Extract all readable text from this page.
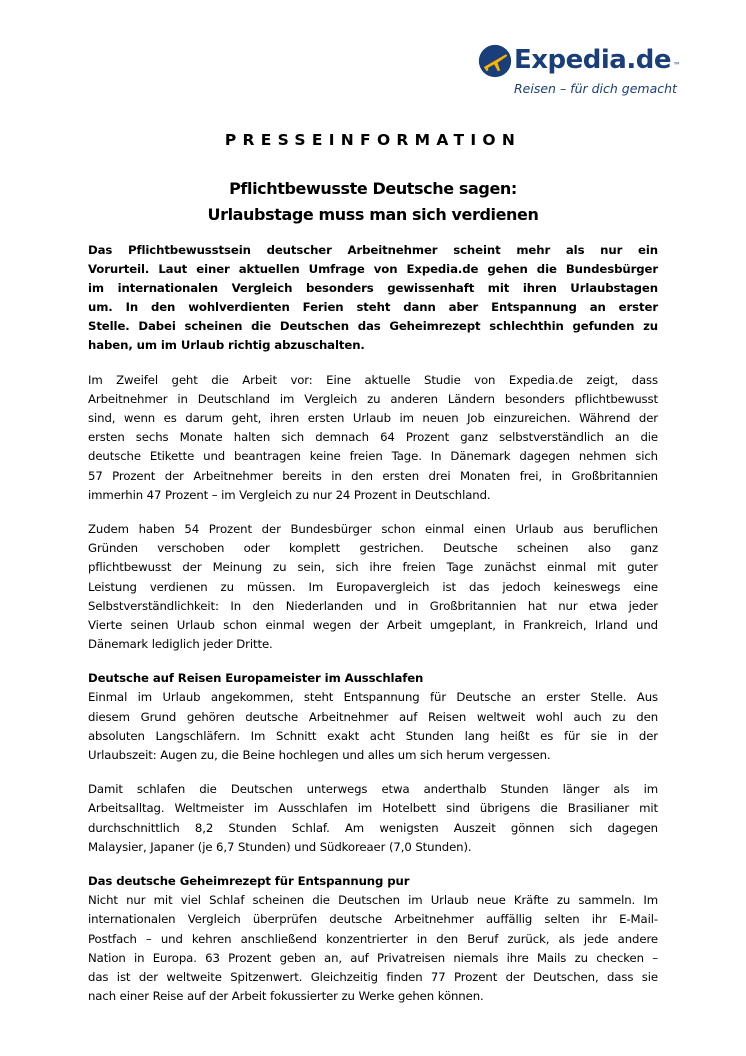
Expedia.de ™
Reisen – für dich gemacht
PRESSEINFORMATION
Pflichtbewusste Deutsche sagen:
Urlaubstage muss man sich verdienen
Das Pflichtbewusstsein deutscher Arbeitnehmer scheint mehr als nur ein
Vorurteil. Laut einer aktuellen Umfrage von Expedia.de gehen die Bundesbürger
im internationalen Vergleich besonders gewissenhaft mit ihren Urlaubstagen
um. In den wohlverdienten Ferien steht dann aber Entspannung an erster
Stelle. Dabei scheinen die Deutschen das Geheimrezept schlechthin gefunden zu
haben, um im Urlaub richtig abzuschalten.
Im Zweifel geht die Arbeit vor: Eine aktuelle Studie von Expedia.de zeigt, dass
Arbeitnehmer in Deutschland im Vergleich zu anderen Ländern besonders pflichtbewusst
sind, wenn es darum geht, ihren ersten Urlaub im neuen Job einzureichen. Während der
ersten sechs Monate halten sich demnach 64 Prozent ganz selbstverständlich an die
deutsche Etikette und beantragen keine freien Tage. In Dänemark dagegen nehmen sich
57 Prozent der Arbeitnehmer bereits in den ersten drei Monaten frei, in Großbritannien
immerhin 47 Prozent – im Vergleich zu nur 24 Prozent in Deutschland.
Zudem haben 54 Prozent der Bundesbürger schon einmal einen Urlaub aus beruflichen
Gründen verschoben oder komplett gestrichen. Deutsche scheinen also ganz
pflichtbewusst der Meinung zu sein, sich ihre freien Tage zunächst einmal mit guter
Leistung verdienen zu müssen. Im Europavergleich ist das jedoch keineswegs eine
Selbstverständlichkeit: In den Niederlanden und in Großbritannien hat nur etwa jeder
Vierte seinen Urlaub schon einmal wegen der Arbeit umgeplant, in Frankreich, Irland und
Dänemark lediglich jeder Dritte.
Deutsche auf Reisen Europameister im Ausschlafen
Einmal im Urlaub angekommen, steht Entspannung für Deutsche an erster Stelle. Aus
diesem Grund gehören deutsche Arbeitnehmer auf Reisen weltweit wohl auch zu den
absoluten Langschläfern. Im Schnitt exakt acht Stunden lang heißt es für sie in der
Urlaubszeit: Augen zu, die Beine hochlegen und alles um sich herum vergessen.
Damit schlafen die Deutschen unterwegs etwa anderthalb Stunden länger als im
Arbeitsalltag. Weltmeister im Ausschlafen im Hotelbett sind übrigens die Brasilianer mit
durchschnittlich 8,2 Stunden Schlaf. Am wenigsten Auszeit gönnen sich dagegen
Malaysier, Japaner (je 6,7 Stunden) und Südkoreaer (7,0 Stunden).
Das deutsche Geheimrezept für Entspannung pur
Nicht nur mit viel Schlaf scheinen die Deutschen im Urlaub neue Kräfte zu sammeln. Im
internationalen Vergleich überprüfen deutsche Arbeitnehmer auffällig selten ihr E-Mail-
Postfach – und kehren anschließend konzentrierter in den Beruf zurück, als jede andere
Nation in Europa. 63 Prozent geben an, auf Privatreisen niemals ihre Mails zu checken –
das ist der weltweite Spitzenwert. Gleichzeitig finden 77 Prozent der Deutschen, dass sie
nach einer Reise auf der Arbeit fokussierter zu Werke gehen können.
